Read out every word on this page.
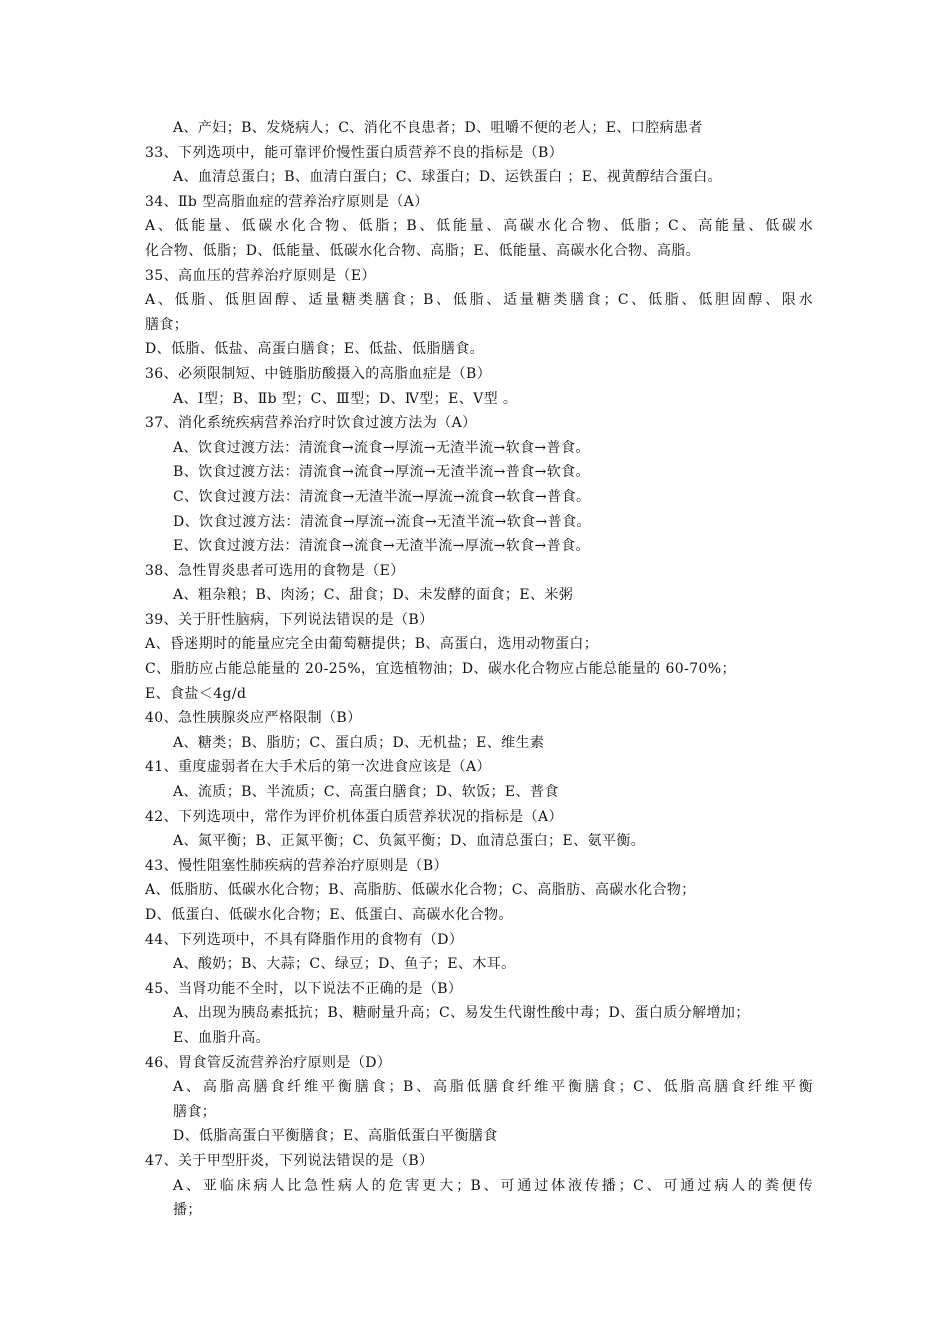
A、产妇；B、发烧病人；C、消化不良患者；D、咀嚼不便的老人；E、口腔病患者
33、下列选项中，能可靠评价慢性蛋白质营养不良的指标是（B）
A、血清总蛋白；B、血清白蛋白；C、球蛋白；D、运铁蛋白 ；E、视黄醇结合蛋白。
34、Ⅱb 型高脂血症的营养治疗原则是（A）
A、低能量、低碳水化合物、低脂；B、低能量、高碳水化合物、低脂；C、高能量、低碳水
化合物、低脂；D、低能量、低碳水化合物、高脂；E、低能量、高碳水化合物、高脂。
35、高血压的营养治疗原则是（E）
A、低脂、低胆固醇、适量糖类膳食；B、低脂、适量糖类膳食；C、低脂、低胆固醇、限水
膳食；
D、低脂、低盐、高蛋白膳食；E、低盐、低脂膳食。
36、必须限制短、中链脂肪酸摄入的高脂血症是（B）
A、Ⅰ型；B、Ⅱb 型；C、Ⅲ型；D、Ⅳ型；E、Ⅴ型 。
37、消化系统疾病营养治疗时饮食过渡方法为（A）
A、饮食过渡方法：清流食→流食→厚流→无渣半流→软食→普食。
B、饮食过渡方法：清流食→流食→厚流→无渣半流→普食→软食。
C、饮食过渡方法：清流食→无渣半流→厚流→流食→软食→普食。
D、饮食过渡方法：清流食→厚流→流食→无渣半流→软食→普食。
E、饮食过渡方法：清流食→流食→无渣半流→厚流→软食→普食。
38、急性胃炎患者可选用的食物是（E）
A、粗杂粮；B、肉汤；C、甜食；D、未发酵的面食；E、米粥
39、关于肝性脑病，下列说法错误的是（B）
A、昏迷期时的能量应完全由葡萄糖提供；B、高蛋白，选用动物蛋白；
C、脂肪应占能总能量的 20-25%，宜选植物油；D、碳水化合物应占能总能量的 60-70%；
E、食盐＜4g/d
40、急性胰腺炎应严格限制（B）
A、糖类；B、脂肪；C、蛋白质；D、无机盐；E、维生素
41、重度虚弱者在大手术后的第一次进食应该是（A）
A、流质；B、半流质；C、高蛋白膳食；D、软饭；E、普食
42、下列选项中，常作为评价机体蛋白质营养状况的指标是（A）
A、氮平衡；B、正氮平衡；C、负氮平衡；D、血清总蛋白；E、氨平衡。
43、慢性阻塞性肺疾病的营养治疗原则是（B）
A、低脂肪、低碳水化合物；B、高脂肪、低碳水化合物；C、高脂肪、高碳水化合物；
D、低蛋白、低碳水化合物；E、低蛋白、高碳水化合物。
44、下列选项中，不具有降脂作用的食物有（D）
A、酸奶；B、大蒜；C、绿豆；D、鱼子；E、木耳。
45、当肾功能不全时，以下说法不正确的是（B）
A、出现为胰岛素抵抗；B、糖耐量升高；C、易发生代谢性酸中毒；D、蛋白质分解增加；
E、血脂升高。
46、胃食管反流营养治疗原则是（D）
A、高脂高膳食纤维平衡膳食；B、高脂低膳食纤维平衡膳食；C、低脂高膳食纤维平衡
膳食；
D、低脂高蛋白平衡膳食；E、高脂低蛋白平衡膳食
47、关于甲型肝炎，下列说法错误的是（B）
A、亚临床病人比急性病人的危害更大；B、可通过体液传播；C、可通过病人的粪便传
播；
